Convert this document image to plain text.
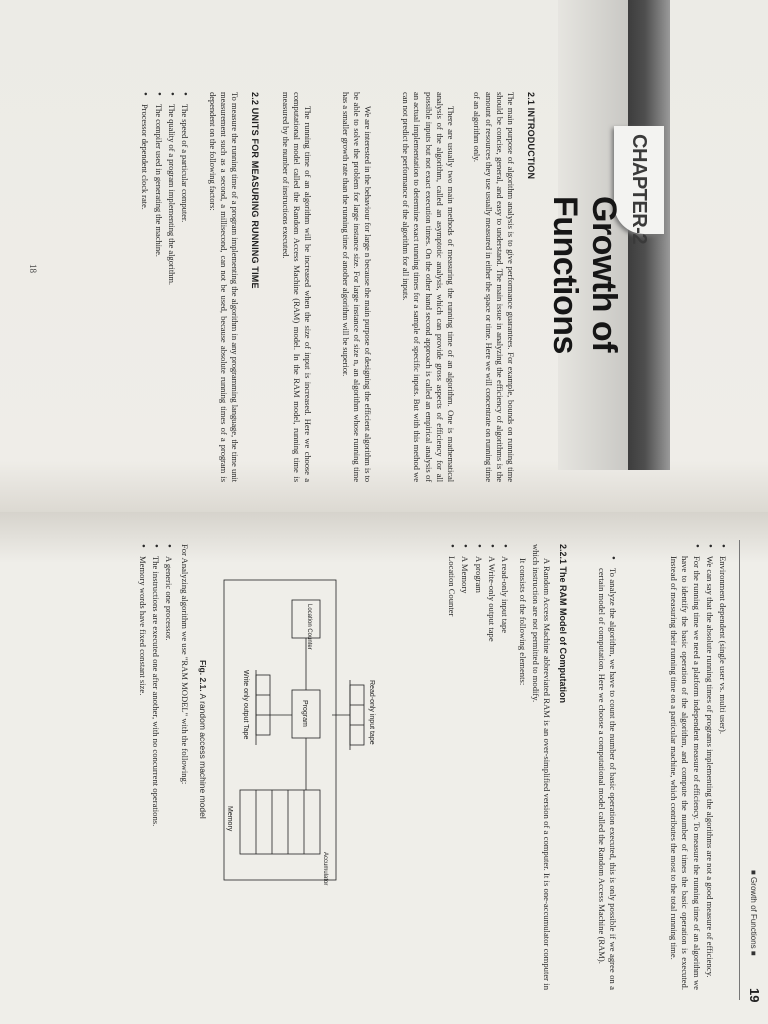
CHAPTER-2
Growth of Functions
2.1 INTRODUCTION
The main purpose of algorithm analysis is to give performance guarantees. For example, bounds on running time should be concise, general, and easy to understand. The main issue in analyzing the efficiency of algorithms is the amount of resources they use usually measured in either the space or time. Here we will concentrate on running time of an algorithm only.
There are usually two main methods of measuring the running time of an algorithm. One is mathematical analysis of the algorithm, called an asymptotic analysis, which can provide gross aspects of efficiency for all possible inputs but not exact execution times. On the other hand second approach is called an empirical analysis of an actual implementation to determine exact running times for a sample of specific inputs. But with this method we can not predict the performance of the algorithm for all inputs.
We are interested in the behaviour for large n because the main purpose of designing the efficient algorithm is to be able to solve the problem for large instance size. For large instance of size n, an algorithm whose running time has a smaller growth rate than the running time of another algorithm will be superior.
The running time of an algorithm will be increased when the size of input is increased. Here we choose a computational model called the Random Access Machine (RAM) model. In the RAM model, running time is measured by the number of instructions executed.
2.2 UNITS FOR MEASURING RUNNING TIME
To measure the running time of a program implementing the algorithm in any programming language, the time unit measurement such as a second, a millisecond, can not be used, because absolute running times of a program is dependent on the following factors:
• The speed of a particular computer.
• The quality of a program implementing the algorithm.
• The compiler used in generating the machine.
• Processor dependent clock rate.
18
■ Growth of Functions ■
19
• Environment dependent (single user vs. multi user).
• We can say that the absolute running times of programs implementing the algorithms are not a good measure of efficiency.
• For the running time we need a platform independent measure of efficiency. To measure the running time of an algorithm we have to identify the basic operation of the algorithm, and compute the number of times the basic operation is executed. Instead of measuring their running time on a particular machine, which contributes the most to the total running time.
• To analyze the algorithm, we have to count the number of basic operation executed, this is only possible if we agree on a certain model of computation. Here we choose a computational model called the Random Access Machine (RAM).
2.2.1 The RAM Model of Computation
A Random Access Machine abbreviated RAM is an over-simplified version of a computer. It is one-accumulator computer in which instruction are not permitted to modify.
It consists of the following elements:
• A read-only input tape
• A Write-only output tape
• A program
• A Memory
• Location Counter
Read-only input tape
Location Counter
Program
Memory
Accumulator
Write only output Tape
Fig. 2.1. A random access machine model
For Analyzing algorithm we use "RAM MODEL" with the following:
• A generic one processor.
• The instructions are executed one after another, with no concurrent operations.
• Memory words have fixed constant size.
